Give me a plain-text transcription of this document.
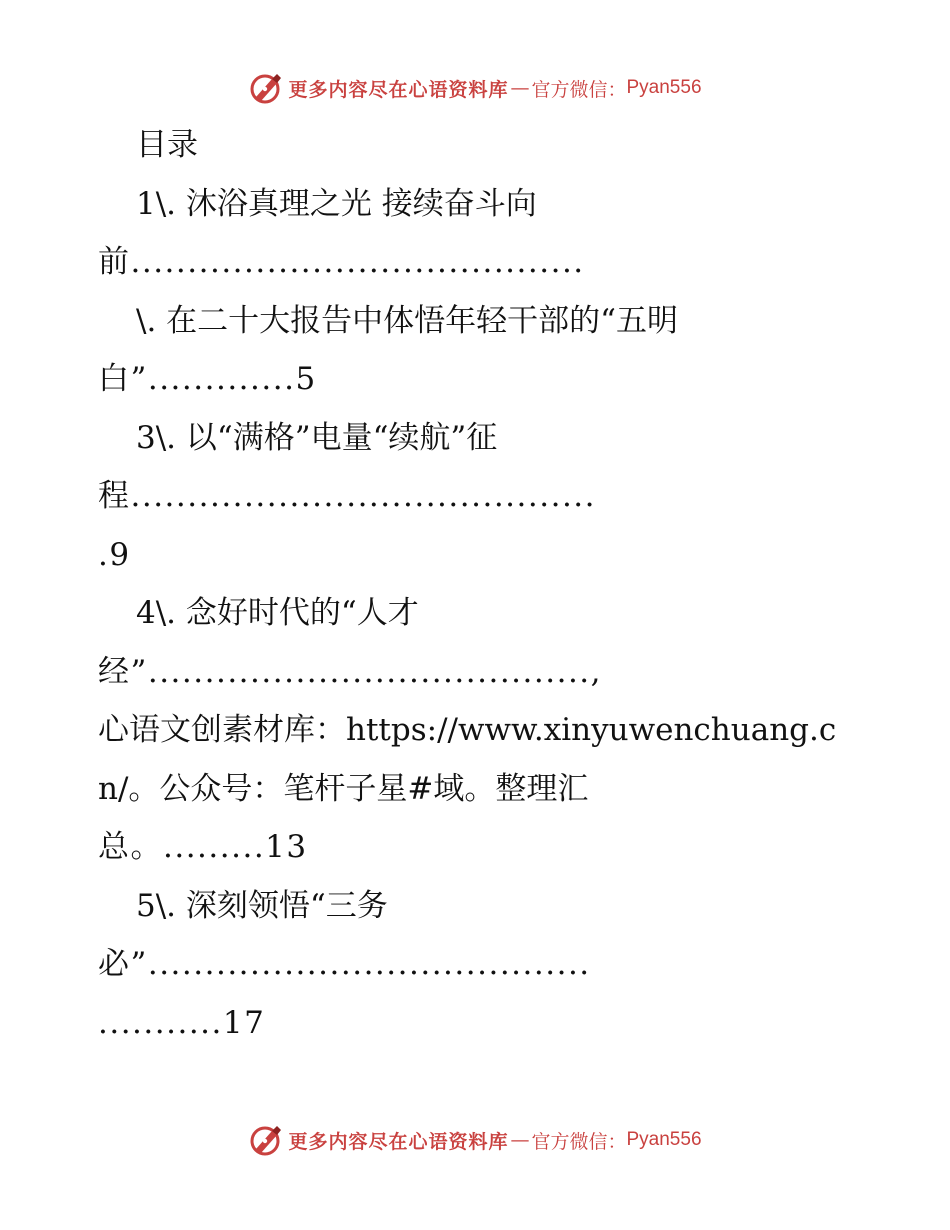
更多内容尽在心语资料库 — 官方微信： Pyan556
目录
1\. 沐浴真理之光 接续奋斗向
前........................................
\. 在二十大报告中体悟年轻干部的“五明
白”.............5
3\. 以“满格”电量“续航”征
程.........................................
.9
4\. 念好时代的“人才
经”.......................................,
心语文创素材库：https://www.xinyuwenchuang.c
n/。公众号：笔杆子星#域。整理汇
总。.........13
5\. 深刻领悟“三务
必”.......................................
...........17
更多内容尽在心语资料库 — 官方微信： Pyan556
